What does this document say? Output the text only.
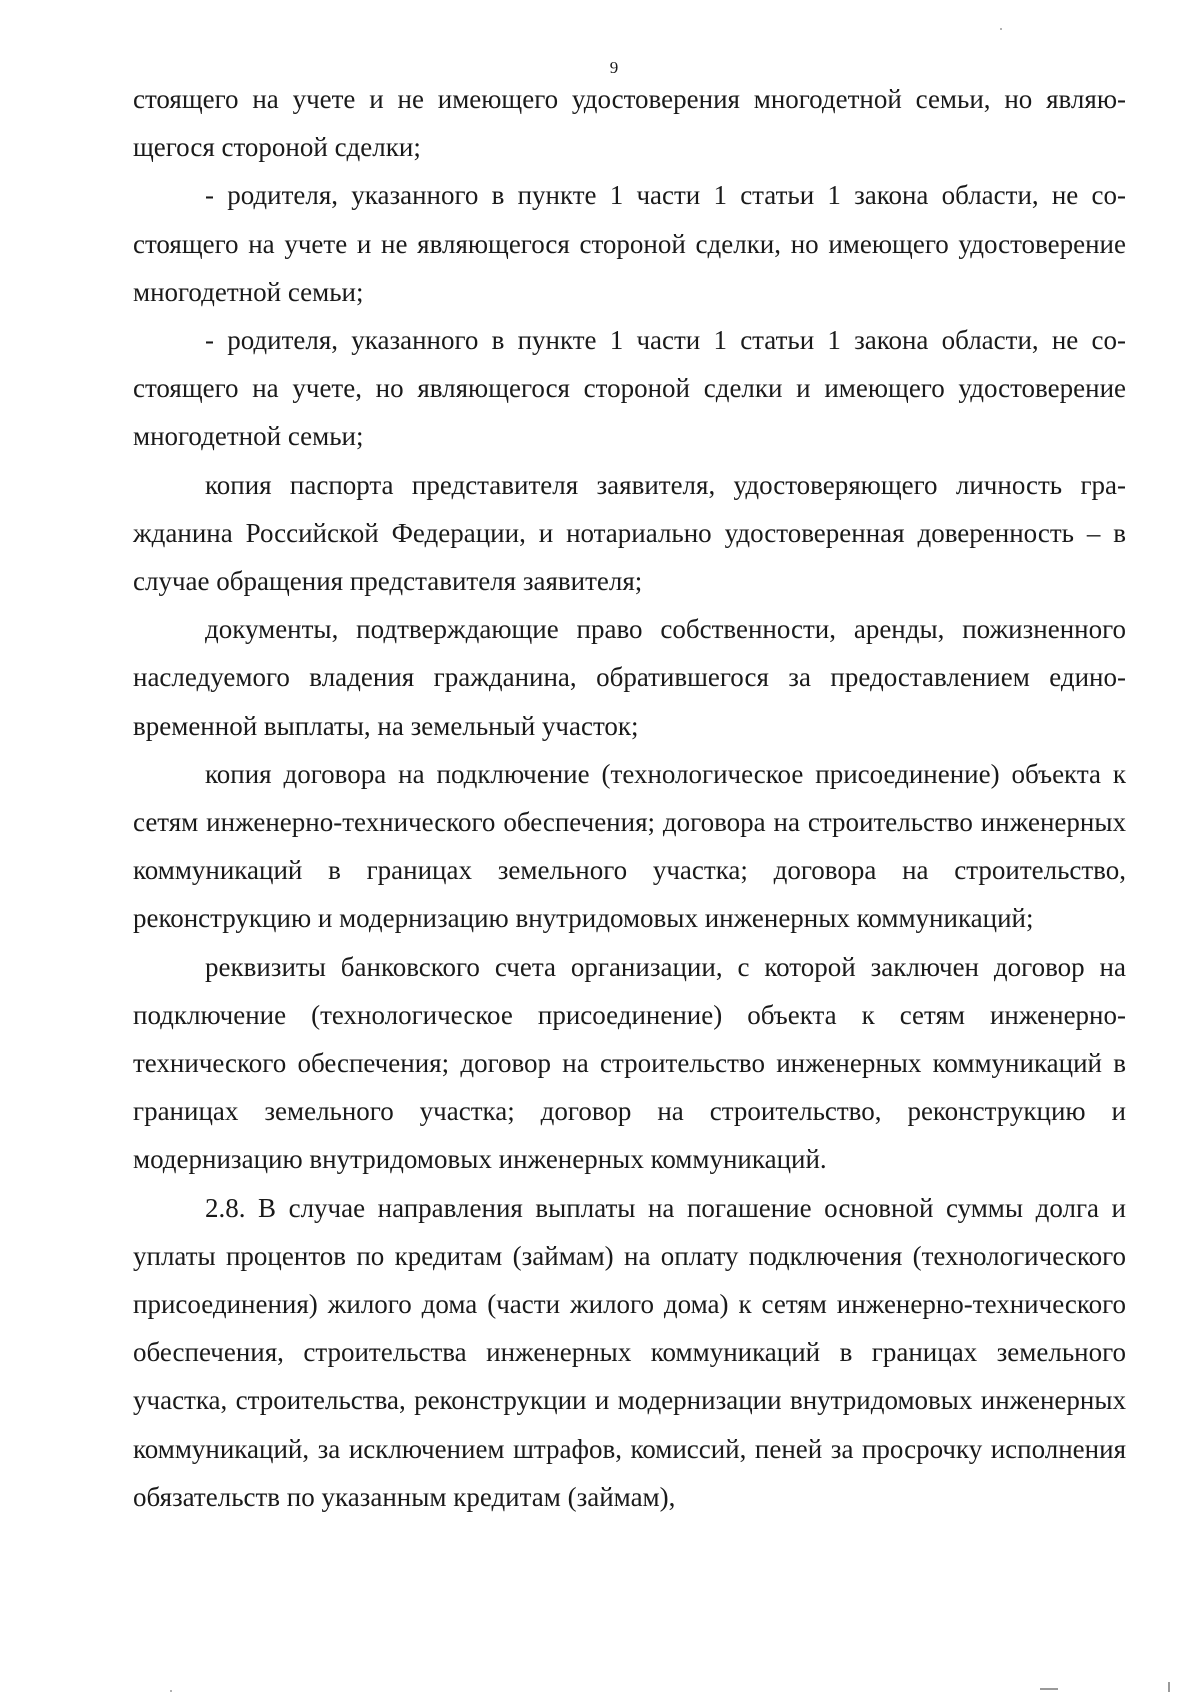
9

стоящего на учете и не имеющего удостоверения многодетной семьи, но являющегося стороной сделки;

- родителя, указанного в пункте 1 части 1 статьи 1 закона области, не состоящего на учете и не являющегося стороной сделки, но имеющего удостоверение многодетной семьи;

- родителя, указанного в пункте 1 части 1 статьи 1 закона области, не состоящего на учете, но являющегося стороной сделки и имеющего удостоверение многодетной семьи;

копия паспорта представителя заявителя, удостоверяющего личность гражданина Российской Федерации, и нотариально удостоверенная доверенность – в случае обращения представителя заявителя;

документы, подтверждающие право собственности, аренды, пожизненного наследуемого владения гражданина, обратившегося за предоставлением единовременной выплаты, на земельный участок;

копия договора на подключение (технологическое присоединение) объекта к сетям инженерно-технического обеспечения; договора на строительство инженерных коммуникаций в границах земельного участка; договора на строительство, реконструкцию и модернизацию внутридомовых инженерных коммуникаций;

реквизиты банковского счета организации, с которой заключен договор на подключение (технологическое присоединение) объекта к сетям инженерно-технического обеспечения; договор на строительство инженерных коммуникаций в границах земельного участка; договор на строительство, реконструкцию и модернизацию внутридомовых инженерных коммуникаций.

2.8. В случае направления выплаты на погашение основной суммы долга и уплаты процентов по кредитам (займам) на оплату подключения (технологического присоединения) жилого дома (части жилого дома) к сетям инженерно-технического обеспечения, строительства инженерных коммуникаций в границах земельного участка, строительства, реконструкции и модернизации внутридомовых инженерных коммуникаций, за исключением штрафов, комиссий, пеней за просрочку исполнения обязательств по указанным кредитам (займам),
